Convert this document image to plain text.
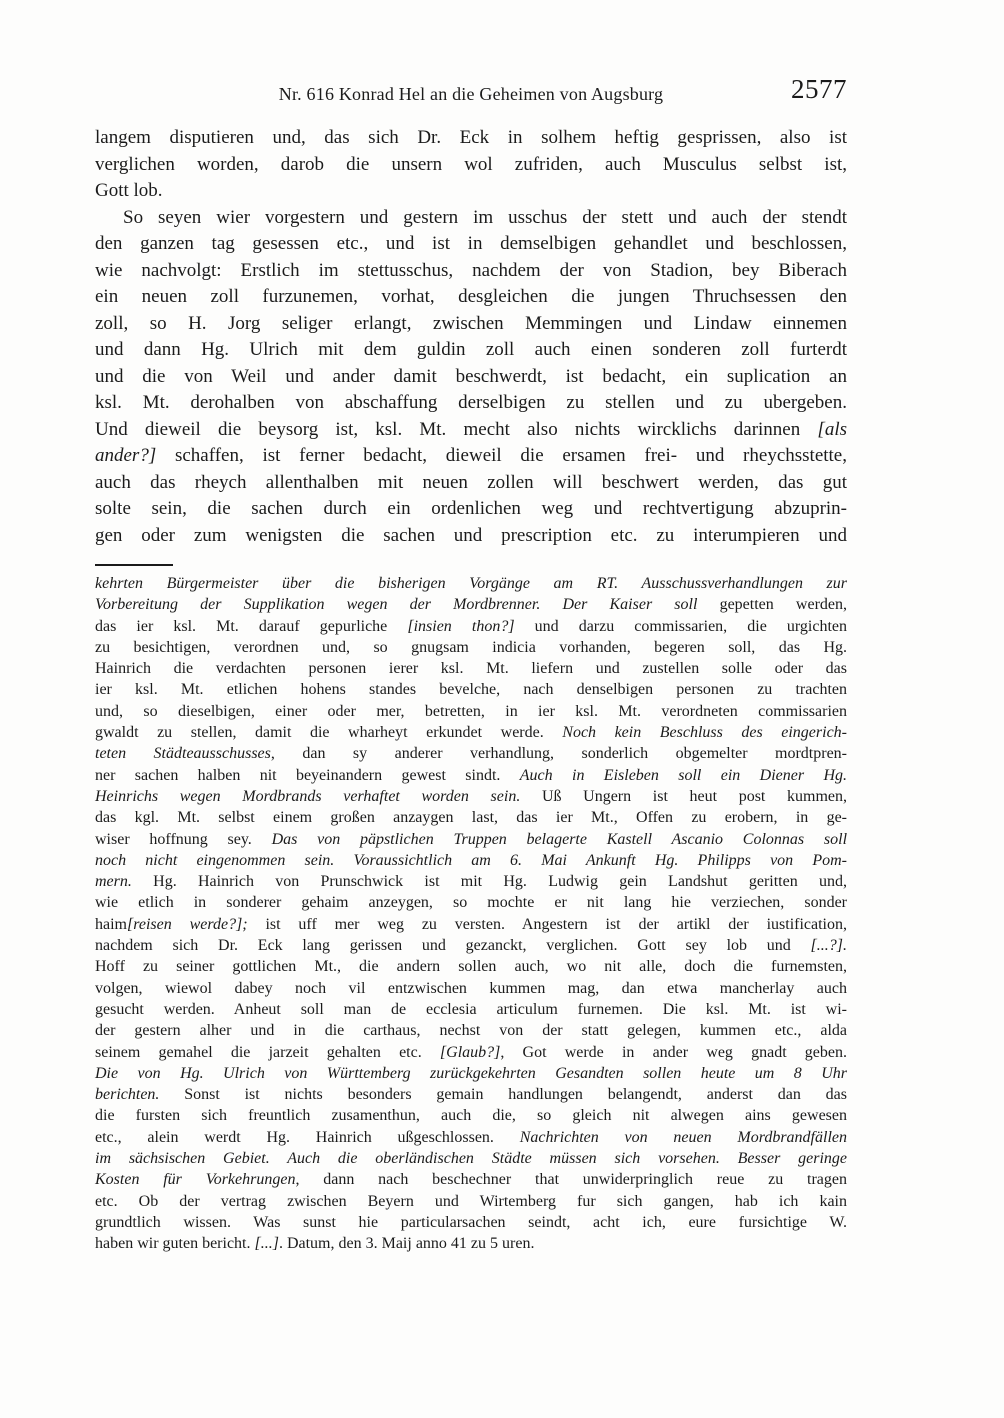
Nr. 616 Konrad Hel an die Geheimen von Augsburg	2577
langem disputieren und, das sich Dr. Eck in solhem heftig gesprissen, also ist
verglichen worden, darob die unsern wol zufriden, auch Musculus selbst ist,
Gott lob.
So seyen wier vorgestern und gestern im usschus der stett und auch der stendt
den ganzen tag gesessen etc., und ist in demselbigen gehandlet und beschlossen,
wie nachvolgt: Erstlich im stettusschus, nachdem der von Stadion, bey Biberach
ein neuen zoll furzunemen, vorhat, desgleichen die jungen Thruchsessen den
zoll, so H. Jorg seliger erlangt, zwischen Memmingen und Lindaw einnemen
und dann Hg. Ulrich mit dem guldin zoll auch einen sonderen zoll furterdt
und die von Weil und ander damit beschwerdt, ist bedacht, ein suplication an
ksl. Mt. derohalben von abschaffung derselbigen zu stellen und zu ubergeben.
Und dieweil die beysorg ist, ksl. Mt. mecht also nichts wircklichs darinnen [als
ander?] schaffen, ist ferner bedacht, dieweil die ersamen frei- und rheychsstette,
auch das rheych allenthalben mit neuen zollen will beschwert werden, das gut
solte sein, die sachen durch ein ordenlichen weg und rechtvertigung abzuprin-
gen oder zum wenigsten die sachen und prescription etc. zu interumpieren und
kehrten Bürgermeister über die bisherigen Vorgänge am RT. Ausschussverhandlungen zur
Vorbereitung der Supplikation wegen der Mordbrenner. Der Kaiser soll gepetten werden,
das ier ksl. Mt. darauf gepurliche [insien thon?] und darzu commissarien, die urgichten
zu besichtigen, verordnen und, so gnugsam indicia vorhanden, begeren soll, das Hg.
Hainrich die verdachten personen ierer ksl. Mt. liefern und zustellen solle oder das
ier ksl. Mt. etlichen hohens standes bevelche, nach denselbigen personen zu trachten
und, so dieselbigen, einer oder mer, betretten, in ier ksl. Mt. verordneten commissarien
gwaldt zu stellen, damit die wharheyt erkundet werde. Noch kein Beschluss des eingerich-
teten Städteausschusses, dan sy anderer verhandlung, sonderlich obgemelter mordtpren-
ner sachen halben nit beyeinandern gewest sindt. Auch in Eisleben soll ein Diener Hg.
Heinrichs wegen Mordbrands verhaftet worden sein. Uß Ungern ist heut post kummen,
das kgl. Mt. selbst einem großen anzaygen last, das ier Mt., Offen zu erobern, in ge-
wiser hoffnung sey. Das von päpstlichen Truppen belagerte Kastell Ascanio Colonnas soll
noch nicht eingenommen sein. Voraussichtlich am 6. Mai Ankunft Hg. Philipps von Pom-
mern. Hg. Hainrich von Prunschwick ist mit Hg. Ludwig gein Landshut geritten und,
wie etlich in sonderer gehaim anzeygen, so mochte er nit lang hie verziechen, sonder
haim[reisen werde?]; ist uff mer weg zu versten. Angestern ist der artikl der iustification,
nachdem sich Dr. Eck lang gerissen und gezanckt, verglichen. Gott sey lob und [...?].
Hoff zu seiner gottlichen Mt., die andern sollen auch, wo nit alle, doch die furnemsten,
volgen, wiewol dabey noch vil entzwischen kummen mag, dan etwa mancherlay auch
gesucht werden. Anheut soll man de ecclesia articulum furnemen. Die ksl. Mt. ist wi-
der gestern alher und in die carthaus, nechst von der statt gelegen, kummen etc., alda
seinem gemahel die jarzeit gehalten etc. [Glaub?], Got werde in ander weg gnadt geben.
Die von Hg. Ulrich von Württemberg zurückgekehrten Gesandten sollen heute um 8 Uhr
berichten. Sonst ist nichts besonders gemain handlungen belangendt, anderst dan das
die fursten sich freuntlich zusamenthun, auch die, so gleich nit alwegen ains gewesen
etc., alein werdt Hg. Hainrich ußgeschlossen. Nachrichten von neuen Mordbrandfällen
im sächsischen Gebiet. Auch die oberländischen Städte müssen sich vorsehen. Besser geringe
Kosten für Vorkehrungen, dann nach beschechner that unwiderpringlich reue zu tragen
etc. Ob der vertrag zwischen Beyern und Wirtemberg fur sich gangen, hab ich kain
grundtlich wissen. Was sunst hie particularsachen seindt, acht ich, eure fursichtige W.
haben wir guten bericht. [...]. Datum, den 3. Maij anno 41 zu 5 uren.
